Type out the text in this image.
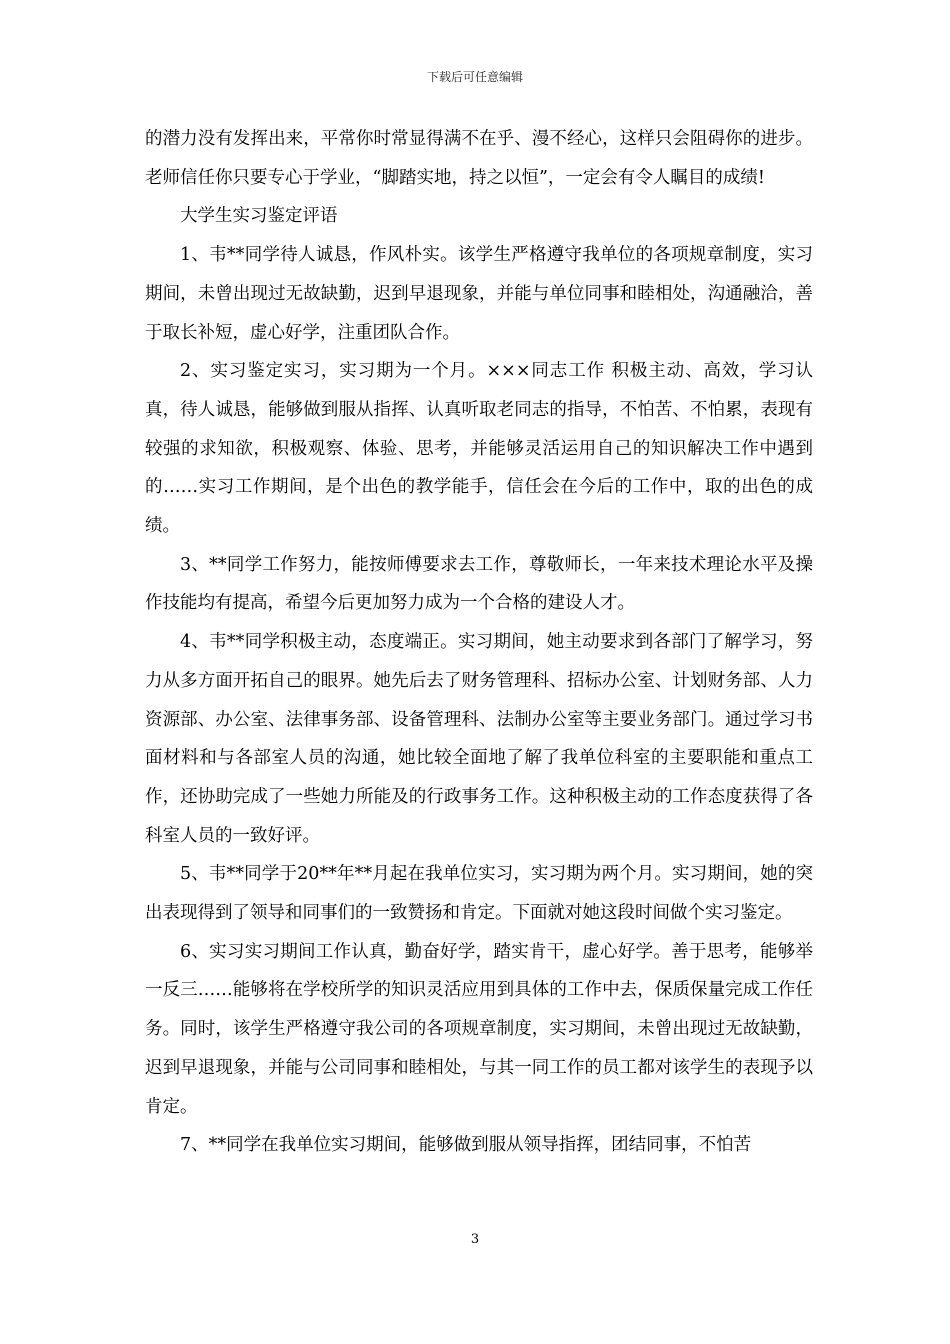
下载后可任意编辑

的潜力没有发挥出来，平常你时常显得满不在乎、漫不经心，这样只会阻碍你的进步。老师信任你只要专心于学业，“脚踏实地，持之以恒”，一定会有令人瞩目的成绩!

大学生实习鉴定评语

1、韦**同学待人诚恳，作风朴实。该学生严格遵守我单位的各项规章制度，实习期间，未曾出现过无故缺勤，迟到早退现象，并能与单位同事和睦相处，沟通融洽，善于取长补短，虚心好学，注重团队合作。

2、实习鉴定实习，实习期为一个月。×××同志工作 积极主动、高效，学习认真，待人诚恳，能够做到服从指挥、认真听取老同志的指导，不怕苦、不怕累，表现有较强的求知欲，积极观察、体验、思考，并能够灵活运用自己的知识解决工作中遇到的……实习工作期间，是个出色的教学能手，信任会在今后的工作中，取的出色的成绩。

3、**同学工作努力，能按师傅要求去工作，尊敬师长，一年来技术理论水平及操作技能均有提高，希望今后更加努力成为一个合格的建设人才。

4、韦**同学积极主动，态度端正。实习期间，她主动要求到各部门了解学习，努力从多方面开拓自己的眼界。她先后去了财务管理科、招标办公室、计划财务部、人力资源部、办公室、法律事务部、设备管理科、法制办公室等主要业务部门。通过学习书面材料和与各部室人员的沟通，她比较全面地了解了我单位科室的主要职能和重点工作，还协助完成了一些她力所能及的行政事务工作。这种积极主动的工作态度获得了各科室人员的一致好评。

5、韦**同学于20**年**月起在我单位实习，实习期为两个月。实习期间，她的突出表现得到了领导和同事们的一致赞扬和肯定。下面就对她这段时间做个实习鉴定。

6、实习实习期间工作认真，勤奋好学，踏实肯干，虚心好学。善于思考，能够举一反三……能够将在学校所学的知识灵活应用到具体的工作中去，保质保量完成工作任务。同时，该学生严格遵守我公司的各项规章制度，实习期间，未曾出现过无故缺勤，迟到早退现象，并能与公司同事和睦相处，与其一同工作的员工都对该学生的表现予以肯定。

7、**同学在我单位实习期间，能够做到服从领导指挥，团结同事，不怕苦

3
